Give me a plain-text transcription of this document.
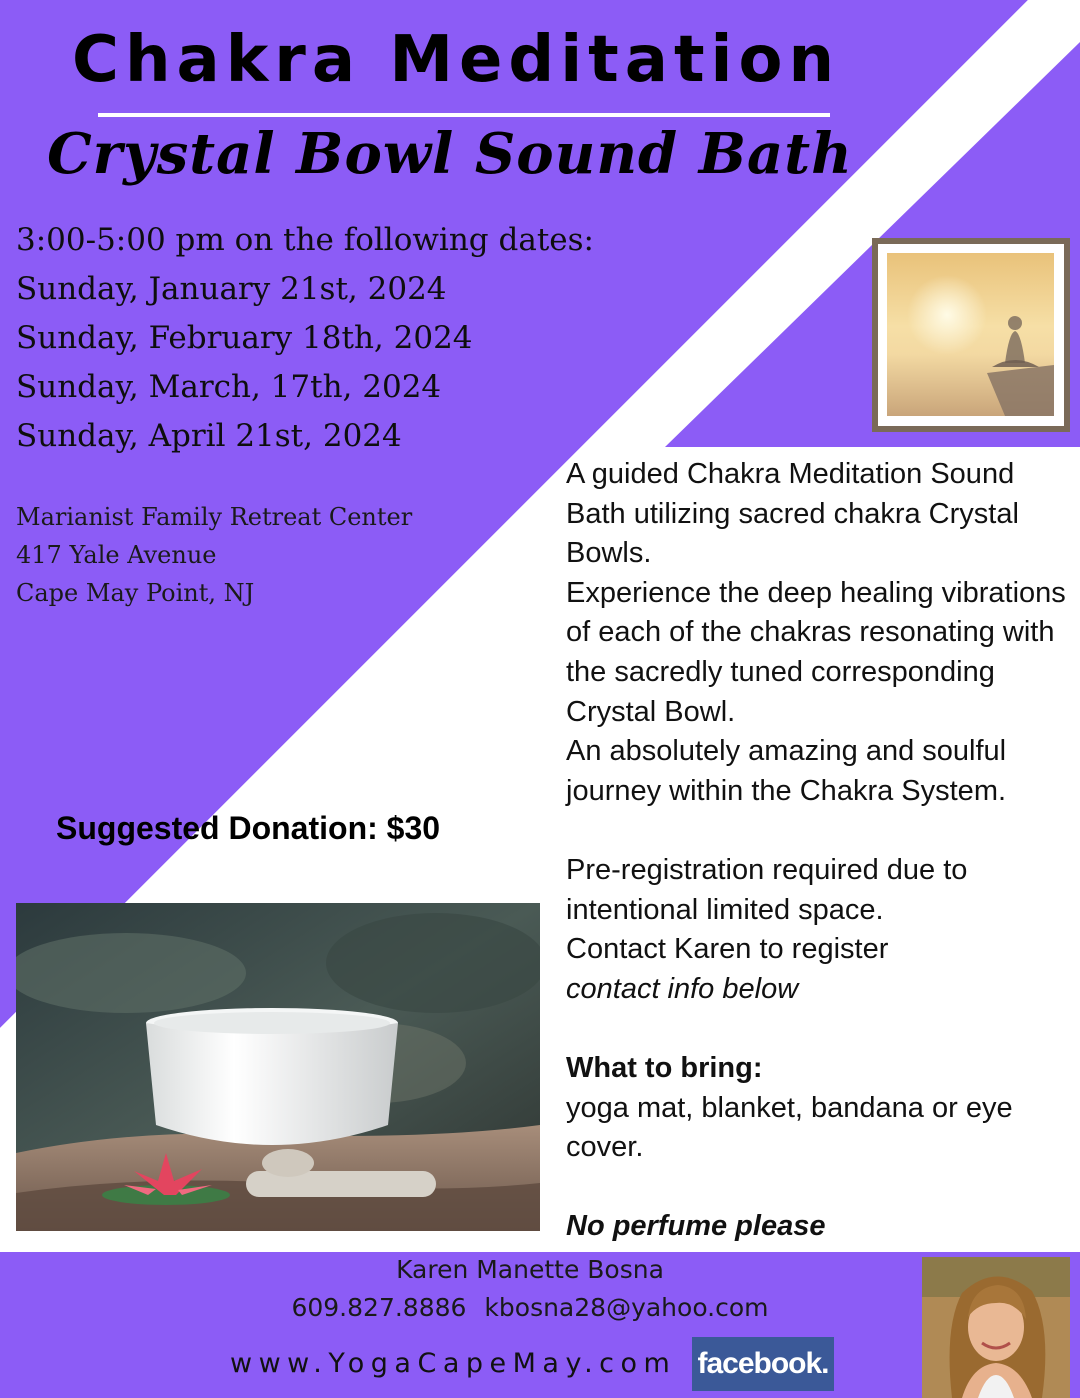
Chakra Meditation
Crystal Bowl Sound Bath
3:00-5:00 pm on the following dates:
Sunday, January 21st, 2024
Sunday, February 18th, 2024
Sunday, March, 17th, 2024
Sunday, April 21st, 2024
Marianist Family Retreat Center
417 Yale Avenue
Cape May Point, NJ
Suggested Donation: $30

A guided Chakra Meditation Sound Bath utilizing sacred chakra Crystal Bowls.

Experience the deep healing vibrations of each of the chakras resonating with the sacredly tuned corresponding Crystal Bowl.

An absolutely amazing and soulful journey within the Chakra System.

Pre-registration required due to intentional limited space.

Contact Karen to register

contact info below

What to bring:

yoga mat, blanket, bandana or eye cover.

No perfume please

Karen Manette Bosna
609.827.8886 kbosna28@yahoo.com
www.YogaCapeMay.com facebook.
